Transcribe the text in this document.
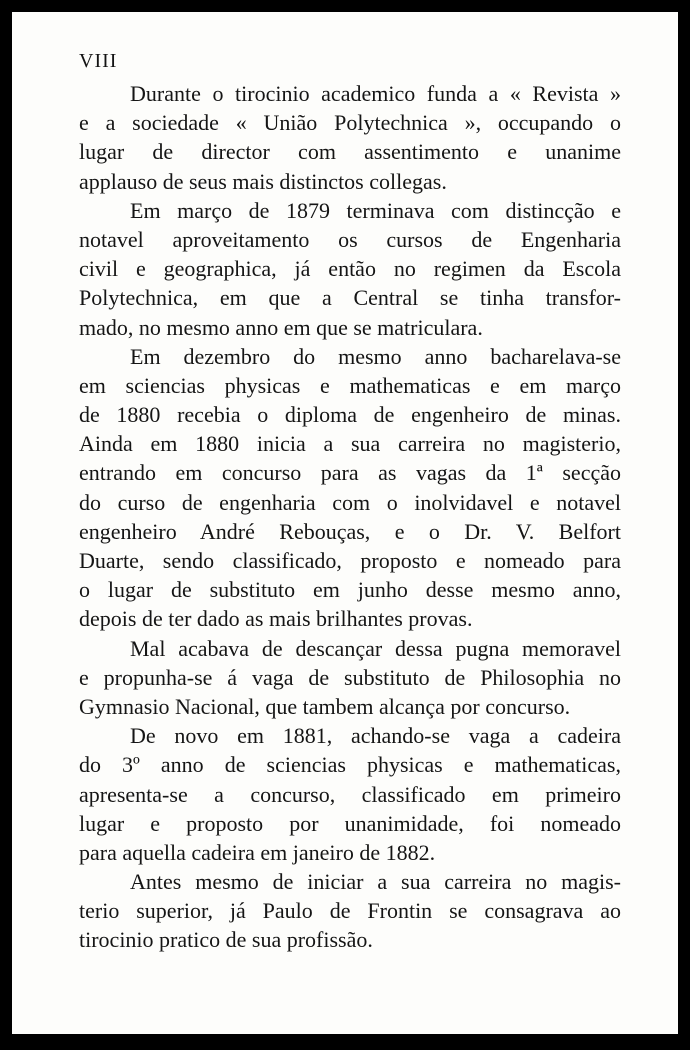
VIII
Durante o tirocinio academico funda a « Revista »
e a sociedade « União Polytechnica », occupando o
lugar de director com assentimento e unanime
applauso de seus mais distinctos collegas.
Em março de 1879 terminava com distincção e
notavel aproveitamento os cursos de Engenharia
civil e geographica, já então no regimen da Escola
Polytechnica, em que a Central se tinha transfor-
mado, no mesmo anno em que se matriculara.
Em dezembro do mesmo anno bacharelava-se
em sciencias physicas e mathematicas e em março
de 1880 recebia o diploma de engenheiro de minas.
Ainda em 1880 inicia a sua carreira no magisterio,
entrando em concurso para as vagas da 1ª secção
do curso de engenharia com o inolvidavel e notavel
engenheiro André Rebouças, e o Dr. V. Belfort
Duarte, sendo classificado, proposto e nomeado para
o lugar de substituto em junho desse mesmo anno,
depois de ter dado as mais brilhantes provas.
Mal acabava de descançar dessa pugna memoravel
e propunha-se á vaga de substituto de Philosophia no
Gymnasio Nacional, que tambem alcança por concurso.
De novo em 1881, achando-se vaga a cadeira
do 3º anno de sciencias physicas e mathematicas,
apresenta-se a concurso, classificado em primeiro
lugar e proposto por unanimidade, foi nomeado
para aquella cadeira em janeiro de 1882.
Antes mesmo de iniciar a sua carreira no magis-
terio superior, já Paulo de Frontin se consagrava ao
tirocinio pratico de sua profissão.
